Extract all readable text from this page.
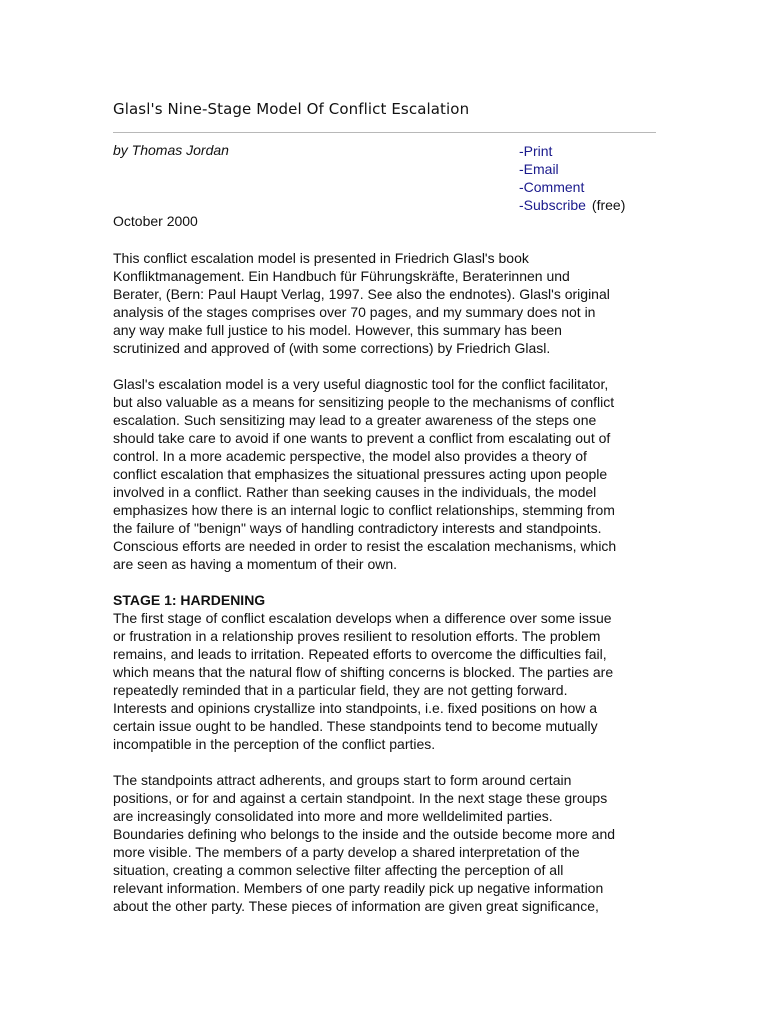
Glasl's Nine-Stage Model Of Conflict Escalation
by Thomas Jordan	-Print
-Email
-Comment
-Subscribe (free)
October 2000
This conflict escalation model is presented in Friedrich Glasl's book
Konfliktmanagement. Ein Handbuch für Führungskräfte, Beraterinnen und
Berater, (Bern: Paul Haupt Verlag, 1997. See also the endnotes). Glasl's original
analysis of the stages comprises over 70 pages, and my summary does not in
any way make full justice to his model. However, this summary has been
scrutinized and approved of (with some corrections) by Friedrich Glasl.
Glasl's escalation model is a very useful diagnostic tool for the conflict facilitator,
but also valuable as a means for sensitizing people to the mechanisms of conflict
escalation. Such sensitizing may lead to a greater awareness of the steps one
should take care to avoid if one wants to prevent a conflict from escalating out of
control. In a more academic perspective, the model also provides a theory of
conflict escalation that emphasizes the situational pressures acting upon people
involved in a conflict. Rather than seeking causes in the individuals, the model
emphasizes how there is an internal logic to conflict relationships, stemming from
the failure of "benign" ways of handling contradictory interests and standpoints.
Conscious efforts are needed in order to resist the escalation mechanisms, which
are seen as having a momentum of their own.
STAGE 1: HARDENING
The first stage of conflict escalation develops when a difference over some issue
or frustration in a relationship proves resilient to resolution efforts. The problem
remains, and leads to irritation. Repeated efforts to overcome the difficulties fail,
which means that the natural flow of shifting concerns is blocked. The parties are
repeatedly reminded that in a particular field, they are not getting forward.
Interests and opinions crystallize into standpoints, i.e. fixed positions on how a
certain issue ought to be handled. These standpoints tend to become mutually
incompatible in the perception of the conflict parties.
The standpoints attract adherents, and groups start to form around certain
positions, or for and against a certain standpoint. In the next stage these groups
are increasingly consolidated into more and more welldelimited parties.
Boundaries defining who belongs to the inside and the outside become more and
more visible. The members of a party develop a shared interpretation of the
situation, creating a common selective filter affecting the perception of all
relevant information. Members of one party readily pick up negative information
about the other party. These pieces of information are given great significance,
